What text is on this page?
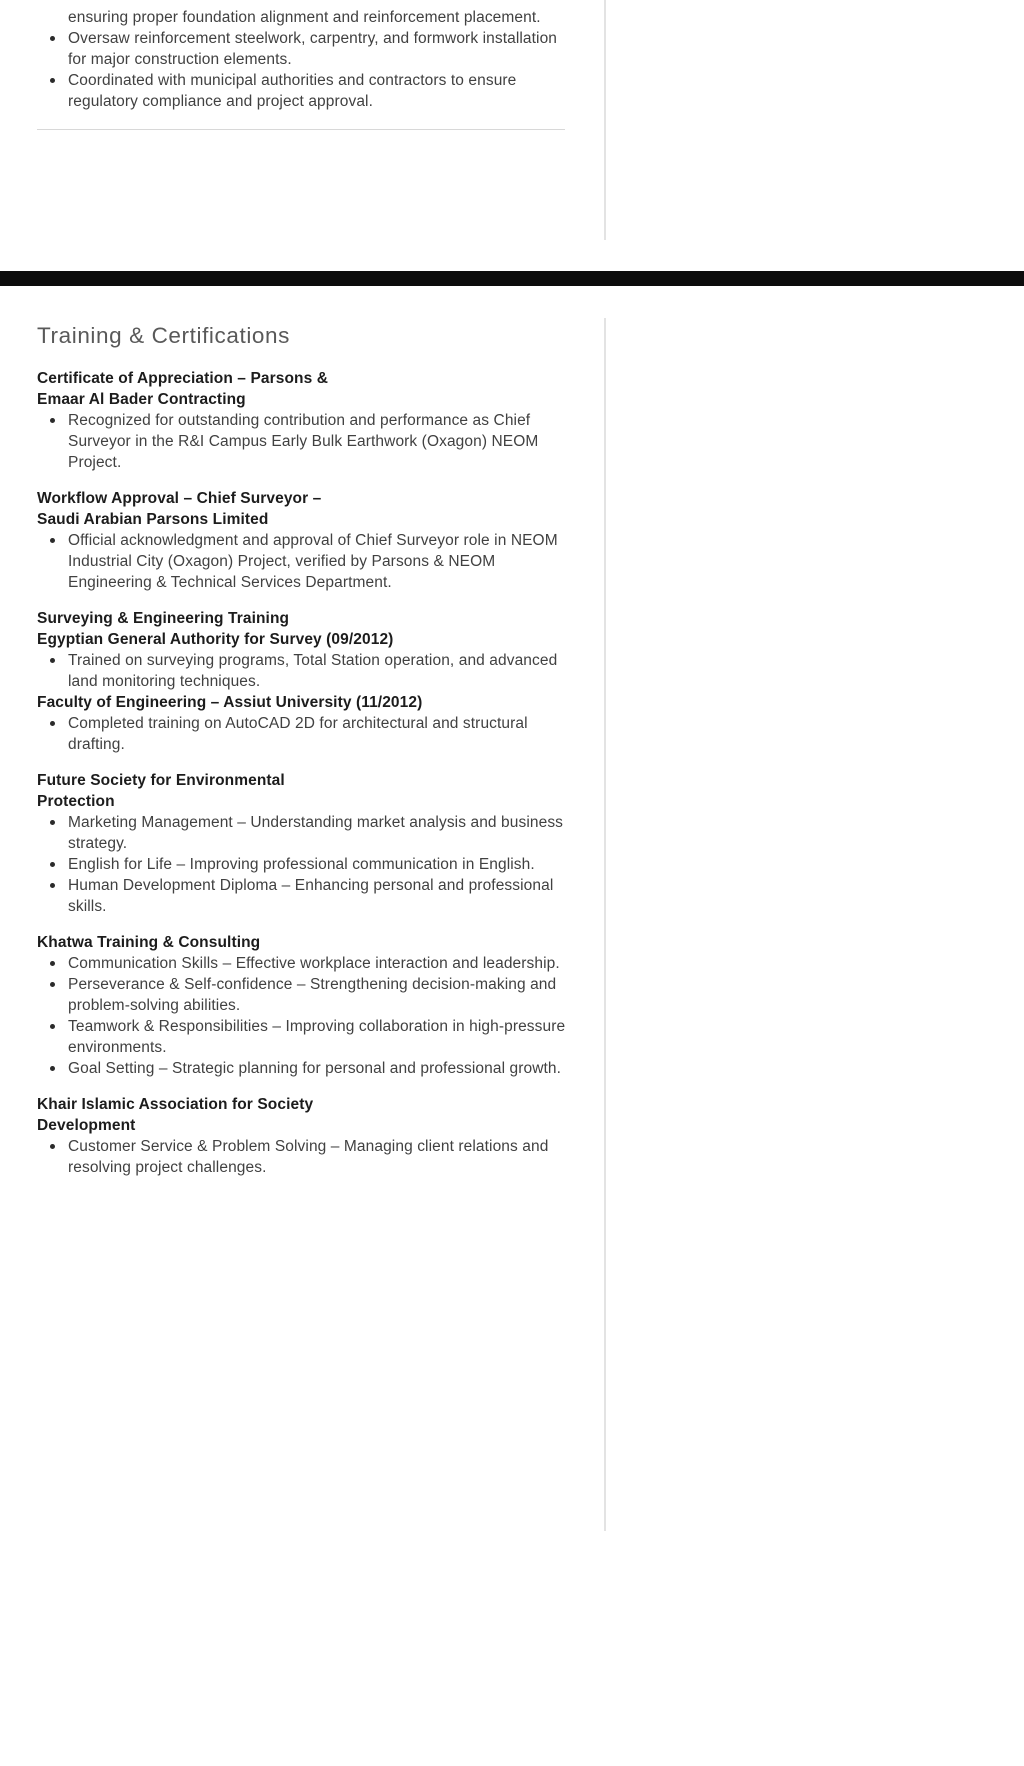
ensuring proper foundation alignment and reinforcement placement.
Oversaw reinforcement steelwork, carpentry, and formwork installation for major construction elements.
Coordinated with municipal authorities and contractors to ensure regulatory compliance and project approval.
Training & Certifications
Certificate of Appreciation – Parsons &
Emaar Al Bader Contracting
Recognized for outstanding contribution and performance as Chief Surveyor in the R&I Campus Early Bulk Earthwork (Oxagon) NEOM Project.
Workflow Approval – Chief Surveyor –
Saudi Arabian Parsons Limited
Official acknowledgment and approval of Chief Surveyor role in NEOM Industrial City (Oxagon) Project, verified by Parsons & NEOM Engineering & Technical Services Department.
Surveying & Engineering Training
Egyptian General Authority for Survey (09/2012)
Trained on surveying programs, Total Station operation, and advanced land monitoring techniques.
Faculty of Engineering – Assiut University (11/2012)
Completed training on AutoCAD 2D for architectural and structural drafting.
Future Society for Environmental
Protection
Marketing Management – Understanding market analysis and business strategy.
English for Life – Improving professional communication in English.
Human Development Diploma – Enhancing personal and professional skills.
Khatwa Training & Consulting
Communication Skills – Effective workplace interaction and leadership.
Perseverance & Self-confidence – Strengthening decision-making and problem-solving abilities.
Teamwork & Responsibilities – Improving collaboration in high-pressure environments.
Goal Setting – Strategic planning for personal and professional growth.
Khair Islamic Association for Society
Development
Customer Service & Problem Solving – Managing client relations and resolving project challenges.
